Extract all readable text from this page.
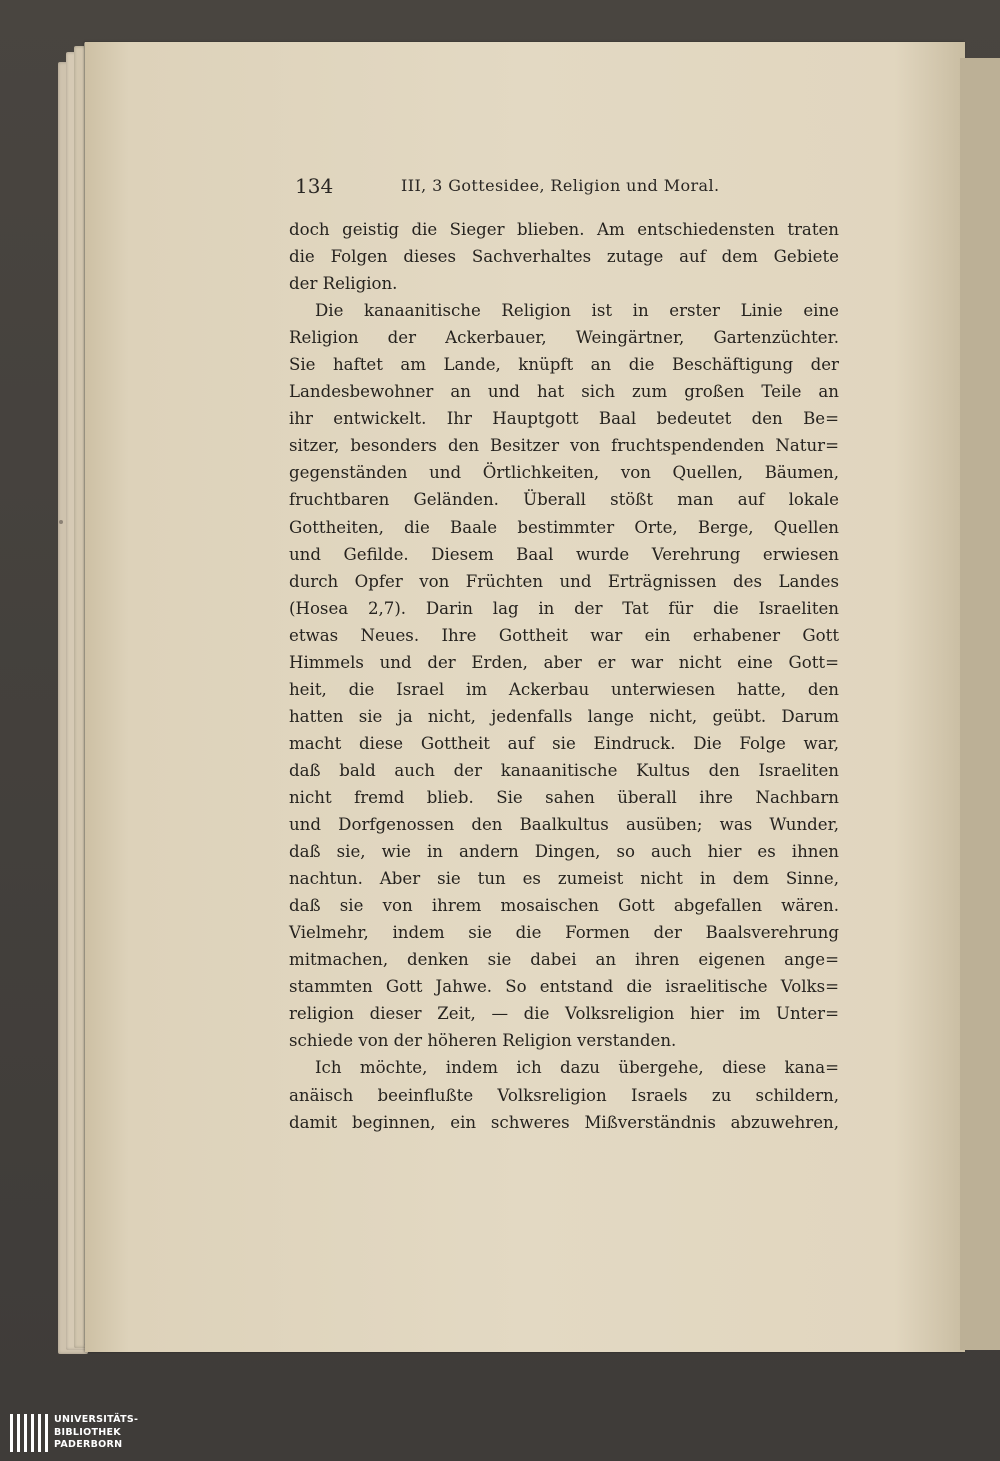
134	III, 3 Gottesidee, Religion und Moral.
doch geistig die Sieger blieben. Am entschiedensten traten
die Folgen dieses Sachverhaltes zutage auf dem Gebiete
der Religion.
Die kanaanitische Religion ist in erster Linie eine
Religion der Ackerbauer, Weingärtner, Gartenzüchter.
Sie haftet am Lande, knüpft an die Beschäftigung der
Landesbewohner an und hat sich zum großen Teile an
ihr entwickelt. Ihr Hauptgott Baal bedeutet den Be=
sitzer, besonders den Besitzer von fruchtspendenden Natur=
gegenständen und Örtlichkeiten, von Quellen, Bäumen,
fruchtbaren Geländen. Überall stößt man auf lokale
Gottheiten, die Baale bestimmter Orte, Berge, Quellen
und Gefilde. Diesem Baal wurde Verehrung erwiesen
durch Opfer von Früchten und Erträgnissen des Landes
(Hosea 2,7). Darin lag in der Tat für die Israeliten
etwas Neues. Ihre Gottheit war ein erhabener Gott
Himmels und der Erden, aber er war nicht eine Gott=
heit, die Israel im Ackerbau unterwiesen hatte, den
hatten sie ja nicht, jedenfalls lange nicht, geübt. Darum
macht diese Gottheit auf sie Eindruck. Die Folge war,
daß bald auch der kanaanitische Kultus den Israeliten
nicht fremd blieb. Sie sahen überall ihre Nachbarn
und Dorfgenossen den Baalkultus ausüben; was Wunder,
daß sie, wie in andern Dingen, so auch hier es ihnen
nachtun. Aber sie tun es zumeist nicht in dem Sinne,
daß sie von ihrem mosaischen Gott abgefallen wären.
Vielmehr, indem sie die Formen der Baalsverehrung
mitmachen, denken sie dabei an ihren eigenen ange=
stammten Gott Jahwe. So entstand die israelitische Volks=
religion dieser Zeit, — die Volksreligion hier im Unter=
schiede von der höheren Religion verstanden.
Ich möchte, indem ich dazu übergehe, diese kana=
anäisch beeinflußte Volksreligion Israels zu schildern,
damit beginnen, ein schweres Mißverständnis abzuwehren,
UNIVERSITÄTS-
BIBLIOTHEK
PADERBORN
